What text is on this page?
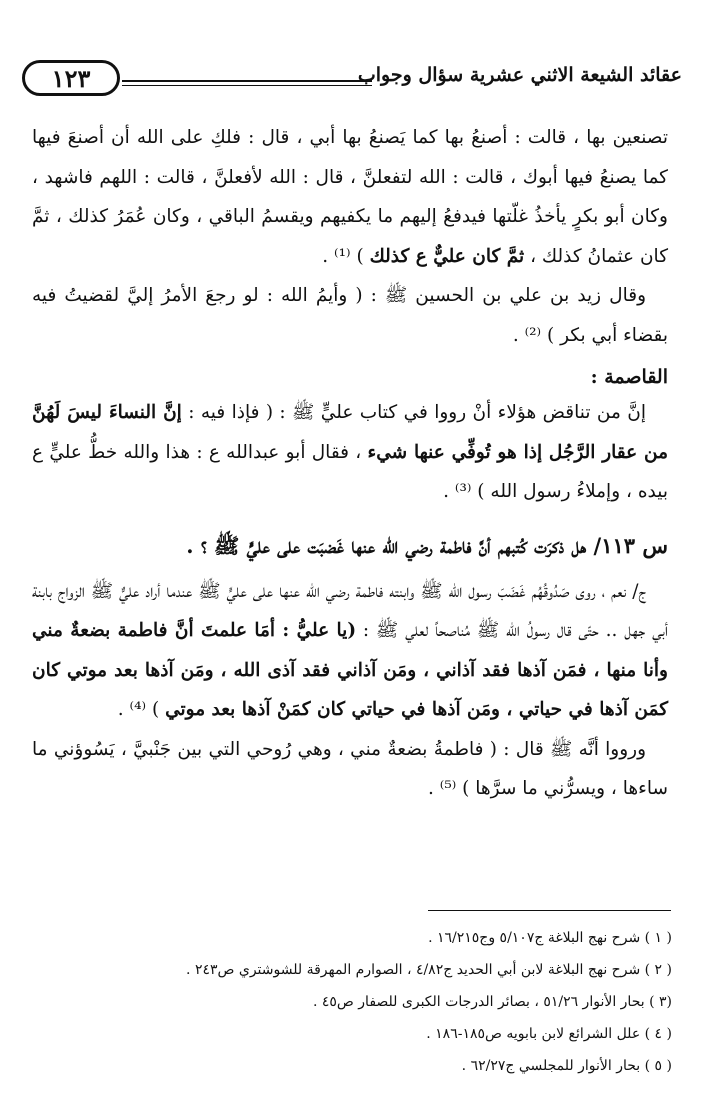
١٢٣	عقائد الشيعة الاثني عشرية سؤال وجواب

تصنعين بها ، قالت : أصنعُ بها كما يَصنعُ بها أبي ، قال : فلكِ على الله أن أصنعَ فيها كما يصنعُ فيها أبوك ، قالت : الله لتفعلنَّ ، قال : الله لأفعلنَّ ، قالت : اللهم فاشهد ، وكان أبو بكرٍ يأخذُ غلّتها فيدفعُ إليهم ما يكفيهم ويقسمُ الباقي ، وكان عُمَرُ كذلك ، ثمَّ كان عثمانُ كذلك ، ثمَّ كان عليٌّ ع كذلك ) ⁽¹⁾ .

وقال زيد بن علي بن الحسين ﷺ : ( وأيمُ الله : لو رجعَ الأمرُ إليَّ لقضيتُ فيه بقضاء أبي بكر ) ⁽²⁾ .

القاصمة :

إنَّ من تناقض هؤلاء أنْ رووا في كتاب عليٍّ ﷺ : ( فإذا فيه : إنَّ النساءَ ليسَ لَهُنَّ من عقار الرَّجُل إذا هو تُوفِّي عنها شيء ، فقال أبو عبدالله ع : هذا والله خطُّ عليٍّ ع بيده ، وإملاءُ رسول الله ) ⁽³⁾ .

س ١١٣/ هل ذكرَت كُتبهم أنَّ فاطمة رضي الله عنها غَضبَت على عليٍّ ﷺ ؟ .

ج/ نعم ، روى صَدُوقُهُم غَضَبَ رسول الله ﷺ وابنته فاطمة رضي الله عنها على عليٍّ ﷺ عندما أراد عليٌّ ﷺ الزواج بابنة أبي جهل .. حتّى قال رسولُ الله ﷺ مُناصحاً لعلي ﷺ : (يا عليُّ : أمَا علمتَ أنَّ فاطمة بضعةٌ مني وأنا منها ، فمَن آذها فقد آذاني ، ومَن آذاني فقد آذى الله ، ومَن آذها بعد موتي كان كمَن آذها في حياتي ، ومَن آذها في حياتي كان كمَنْ آذها بعد موتي ) ⁽⁴⁾ .

ورووا أنَّه ﷺ قال : ( فاطمةُ بضعةٌ مني ، وهي رُوحي التي بين جَنْبيَّ ، يَسُوؤني ما ساءها ، ويسرُّني ما سرَّها ) ⁽⁵⁾ .

( ١ ) شرح نهج البلاغة ج٥/١٠٧ وج١٦/٢١٥ .

( ٢ ) شرح نهج البلاغة لابن أبي الحديد ج٤/٨٢ ، الصوارم المهرقة للشوشتري ص٢٤٣ .

(٣ ) بحار الأنوار ٥١/٢٦ ، بصائر الدرجات الكبرى للصفار ص٤٥ .

( ٤ ) علل الشرائع لابن بابويه ص١٨٥-١٨٦ .

( ٥ ) بحار الأنوار للمجلسي ج٦٢/٢٧ .
